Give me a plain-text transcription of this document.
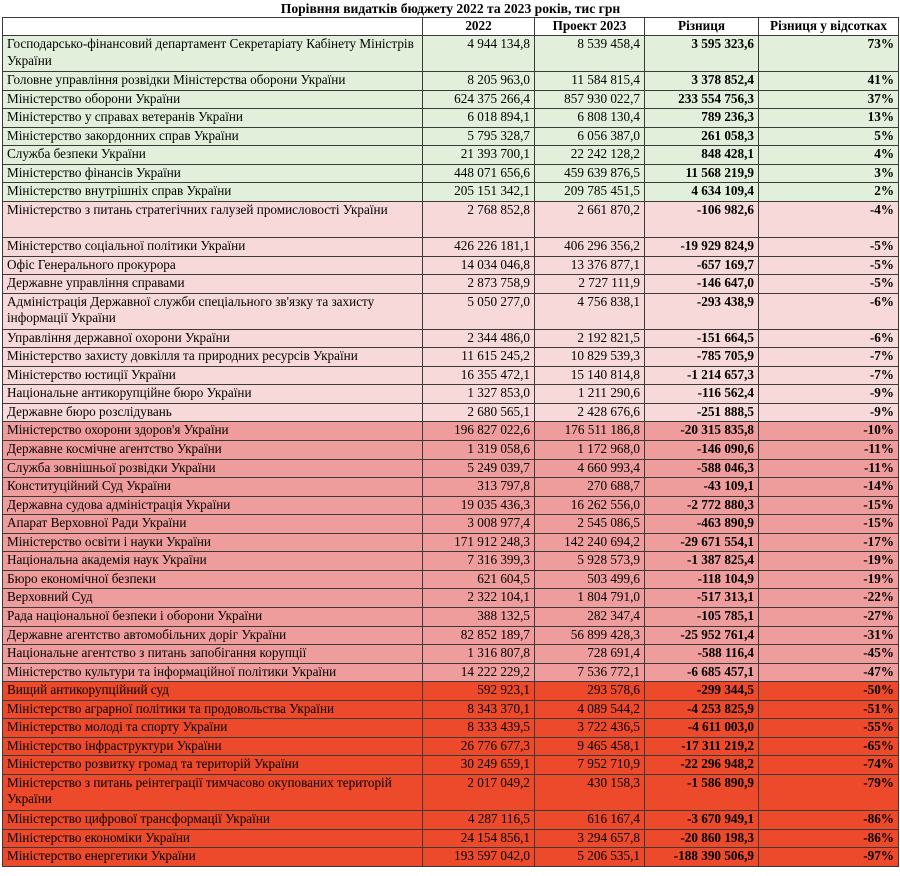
Порівння видатків бюджету 2022 та 2023 років, тис грн				
	2022	Проект 2023	Різниця	Різниця у відсотках
Господарсько-фінансовий департамент Секретаріату Кабінету Міністрів України	4 944 134,8	8 539 458,4	3 595 323,6	73%
Головне управління розвідки Міністерства оборони України	8 205 963,0	11 584 815,4	3 378 852,4	41%
Міністерство оборони України	624 375 266,4	857 930 022,7	233 554 756,3	37%
Міністерство у справах ветеранів України	6 018 894,1	6 808 130,4	789 236,3	13%
Міністерство закордонних справ України	5 795 328,7	6 056 387,0	261 058,3	5%
Служба безпеки України	21 393 700,1	22 242 128,2	848 428,1	4%
Міністерство фінансів України	448 071 656,6	459 639 876,5	11 568 219,9	3%
Міністерство внутрішніх справ України	205 151 342,1	209 785 451,5	4 634 109,4	2%
Міністерство з питань стратегічних галузей промисловості України	2 768 852,8	2 661 870,2	-106 982,6	-4%
Міністерство соціальної політики України	426 226 181,1	406 296 356,2	-19 929 824,9	-5%
Офіс Генерального прокурора	14 034 046,8	13 376 877,1	-657 169,7	-5%
Державне управління справами	2 873 758,9	2 727 111,9	-146 647,0	-5%
Адміністрація Державної служби спеціального зв'язку та захисту інформації України	5 050 277,0	4 756 838,1	-293 438,9	-6%
Управління державної охорони України	2 344 486,0	2 192 821,5	-151 664,5	-6%
Міністерство захисту довкілля та природних ресурсів України	11 615 245,2	10 829 539,3	-785 705,9	-7%
Міністерство юстиції України	16 355 472,1	15 140 814,8	-1 214 657,3	-7%
Національне антикорупційне бюро України	1 327 853,0	1 211 290,6	-116 562,4	-9%
Державне бюро розслідувань	2 680 565,1	2 428 676,6	-251 888,5	-9%
Міністерство охорони здоров'я України	196 827 022,6	176 511 186,8	-20 315 835,8	-10%
Державне космічне агентство України	1 319 058,6	1 172 968,0	-146 090,6	-11%
Служба зовнішньої розвідки України	5 249 039,7	4 660 993,4	-588 046,3	-11%
Конституційний Суд України	313 797,8	270 688,7	-43 109,1	-14%
Державна судова адміністрація України	19 035 436,3	16 262 556,0	-2 772 880,3	-15%
Апарат Верховної Ради України	3 008 977,4	2 545 086,5	-463 890,9	-15%
Міністерство освіти і науки України	171 912 248,3	142 240 694,2	-29 671 554,1	-17%
Національна академія наук України	7 316 399,3	5 928 573,9	-1 387 825,4	-19%
Бюро економічної безпеки	621 604,5	503 499,6	-118 104,9	-19%
Верховний Суд	2 322 104,1	1 804 791,0	-517 313,1	-22%
Рада національної безпеки і оборони України	388 132,5	282 347,4	-105 785,1	-27%
Державне агентство автомобільних доріг України	82 852 189,7	56 899 428,3	-25 952 761,4	-31%
Національне агентство з питань запобігання корупції	1 316 807,8	728 691,4	-588 116,4	-45%
Міністерство культури та інформаційної політики України	14 222 229,2	7 536 772,1	-6 685 457,1	-47%
Вищий антикорупційний суд	592 923,1	293 578,6	-299 344,5	-50%
Міністерство аграрної політики та продовольства України	8 343 370,1	4 089 544,2	-4 253 825,9	-51%
Міністерство молоді та спорту України	8 333 439,5	3 722 436,5	-4 611 003,0	-55%
Міністерство інфраструктури України	26 776 677,3	9 465 458,1	-17 311 219,2	-65%
Міністерство розвитку громад та територій України	30 249 659,1	7 952 710,9	-22 296 948,2	-74%
Міністерство з питань реінтеграції тимчасово окупованих територій України	2 017 049,2	430 158,3	-1 586 890,9	-79%
Міністерство цифрової трансформації України	4 287 116,5	616 167,4	-3 670 949,1	-86%
Міністерство економіки України	24 154 856,1	3 294 657,8	-20 860 198,3	-86%
Міністерство енергетики України	193 597 042,0	5 206 535,1	-188 390 506,9	-97%
